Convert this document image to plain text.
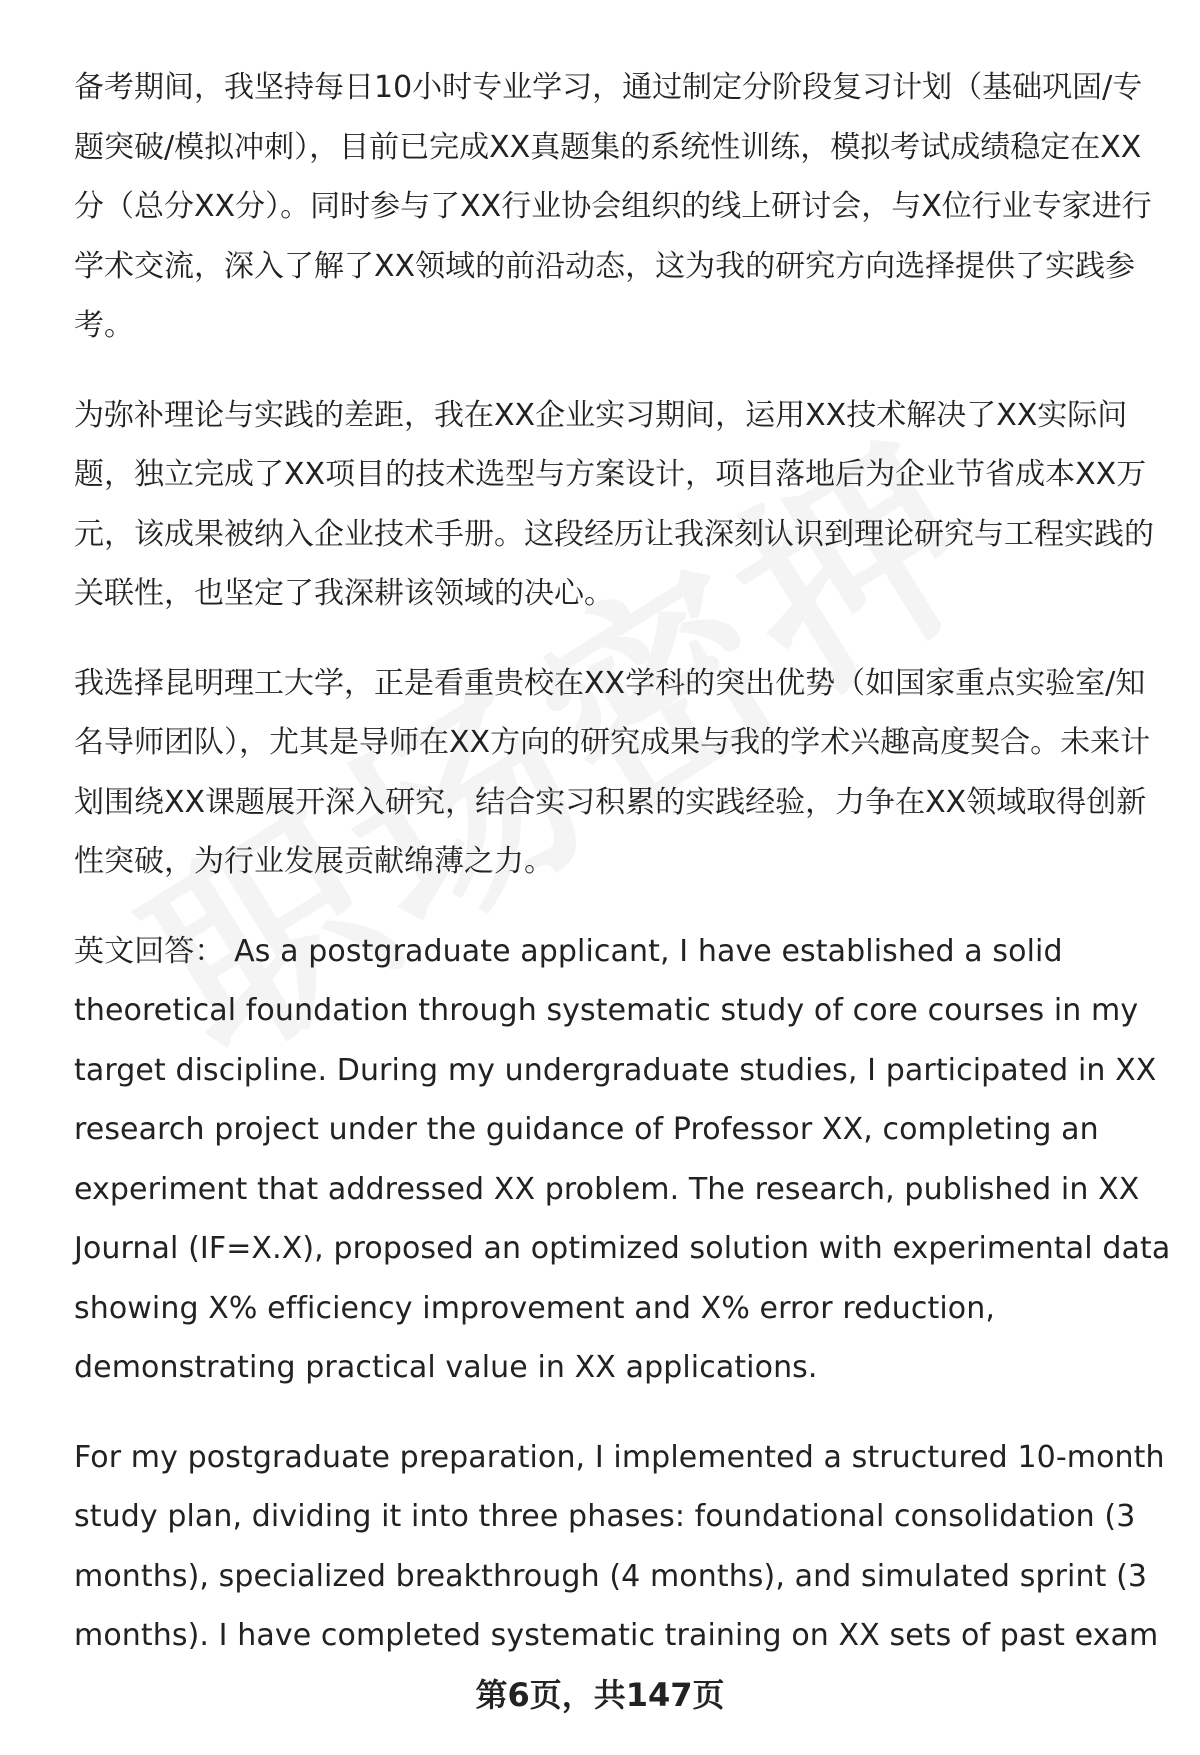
备考期间，我坚持每日10小时专业学习，通过制定分阶段复习计划（基础巩固/专
题突破/模拟冲刺），目前已完成XX真题集的系统性训练，模拟考试成绩稳定在XX
分（总分XX分）。同时参与了XX行业协会组织的线上研讨会，与X位行业专家进行
学术交流，深入了解了XX领域的前沿动态，这为我的研究方向选择提供了实践参
考。

为弥补理论与实践的差距，我在XX企业实习期间，运用XX技术解决了XX实际问
题，独立完成了XX项目的技术选型与方案设计，项目落地后为企业节省成本XX万
元，该成果被纳入企业技术手册。这段经历让我深刻认识到理论研究与工程实践的
关联性，也坚定了我深耕该领域的决心。

我选择昆明理工大学，正是看重贵校在XX学科的突出优势（如国家重点实验室/知
名导师团队），尤其是导师在XX方向的研究成果与我的学术兴趣高度契合。未来计
划围绕XX课题展开深入研究，结合实习积累的实践经验，力争在XX领域取得创新
性突破，为行业发展贡献绵薄之力。

英文回答： As a postgraduate applicant, I have established a solid
theoretical foundation through systematic study of core courses in my
target discipline. During my undergraduate studies, I participated in XX
research project under the guidance of Professor XX, completing an
experiment that addressed XX problem. The research, published in XX
Journal (IF=X.X), proposed an optimized solution with experimental data
showing X% efficiency improvement and X% error reduction,
demonstrating practical value in XX applications.

For my postgraduate preparation, I implemented a structured 10-month
study plan, dividing it into three phases: foundational consolidation (3
months), specialized breakthrough (4 months), and simulated sprint (3
months). I have completed systematic training on XX sets of past exam

第6页，共147页
